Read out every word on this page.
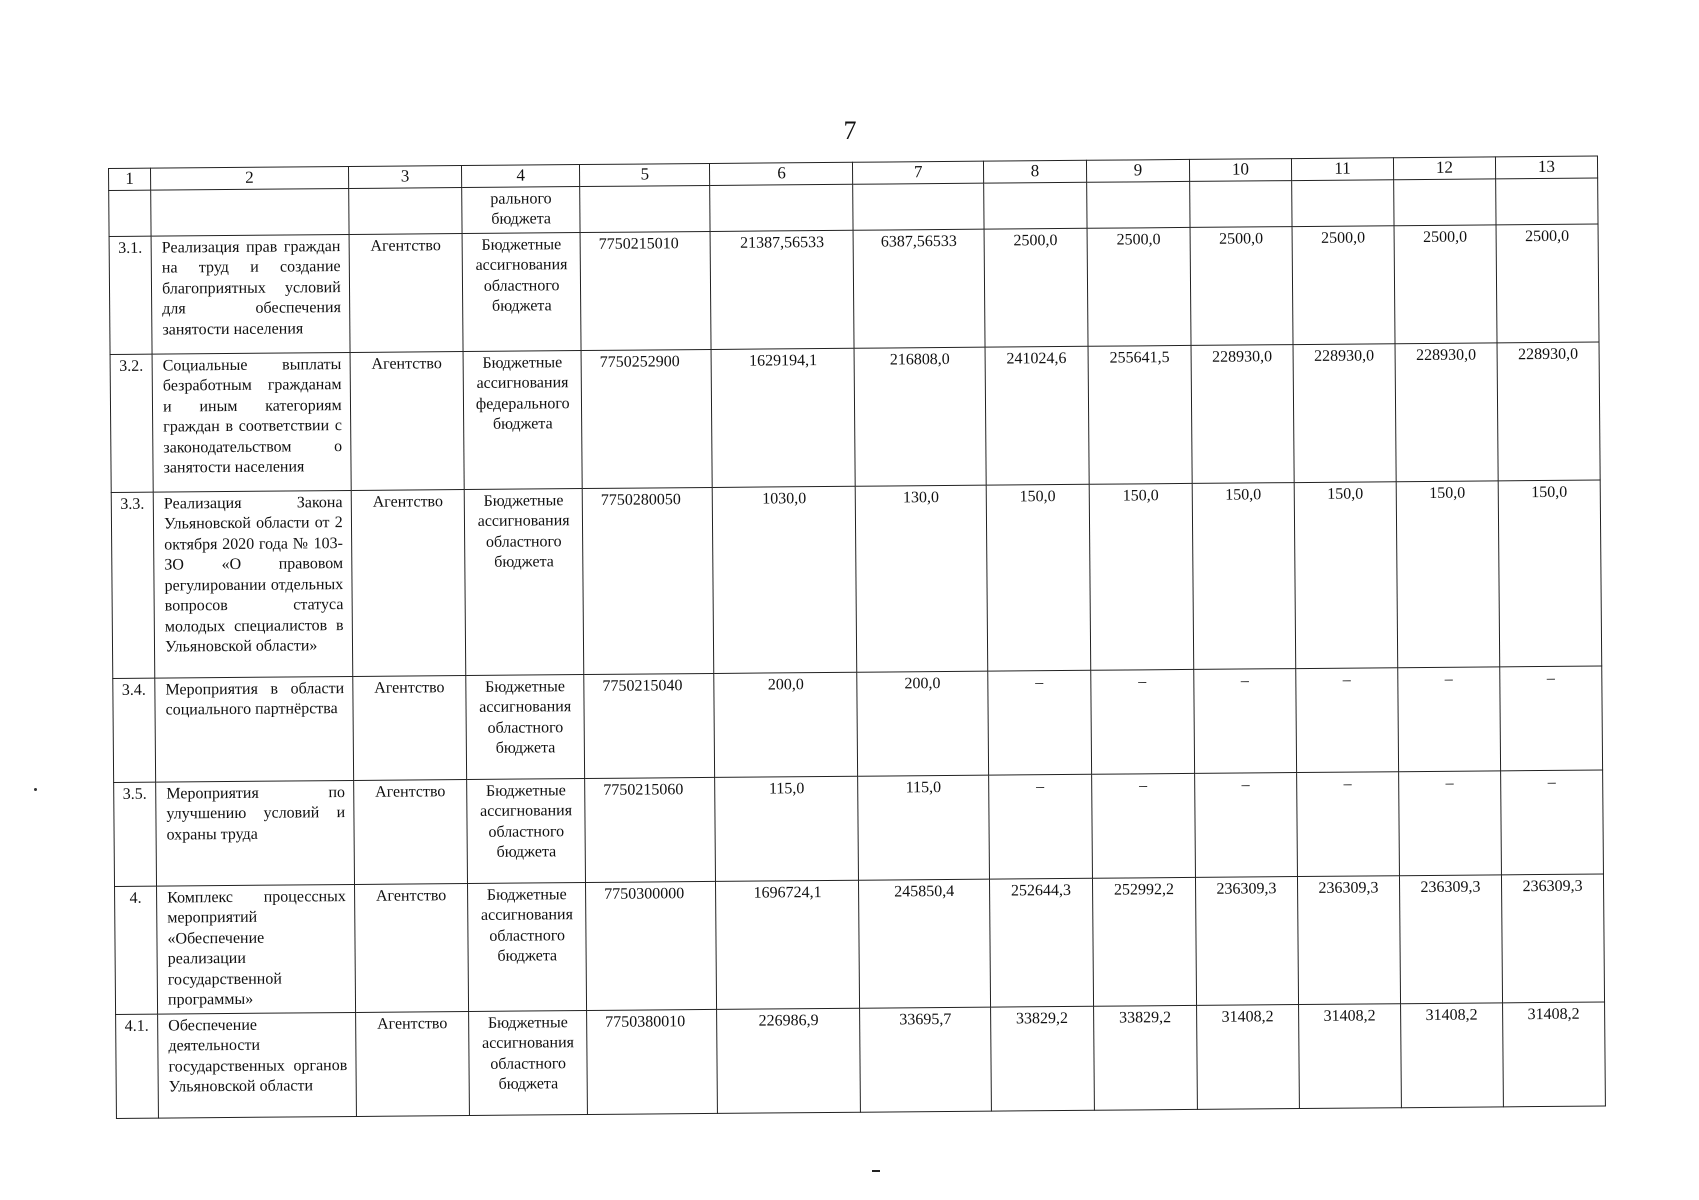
7
1	2	3	4	5	6	7	8	9	10	11	12	13
			рального бюджета									
3.1.	Реализация прав граждан на труд и создание благоприятных условий для обеспечения занятости населения	Агентство	Бюджетные ассигнования областного бюджета	7750215010	21387,56533	6387,56533	2500,0	2500,0	2500,0	2500,0	2500,0	2500,0
3.2.	Социальные выплаты безработным гражданам и иным категориям граждан в соответствии с законодательством о занятости населения	Агентство	Бюджетные ассигнования федерального бюджета	7750252900	1629194,1	216808,0	241024,6	255641,5	228930,0	228930,0	228930,0	228930,0
3.3.	Реализация Закона Ульяновской области от 2 октября 2020 года № 103-ЗО «О правовом регулировании отдельных вопросов статуса молодых специалистов в Ульяновской области»	Агентство	Бюджетные ассигнования областного бюджета	7750280050	1030,0	130,0	150,0	150,0	150,0	150,0	150,0	150,0
3.4.	Мероприятия в области социального партнёрства	Агентство	Бюджетные ассигнования областного бюджета	7750215040	200,0	200,0	–	–	–	–	–	–
3.5.	Мероприятия по улучшению условий и охраны труда	Агентство	Бюджетные ассигнования областного бюджета	7750215060	115,0	115,0	–	–	–	–	–	–
4.	Комплекс процессных мероприятий «Обеспечение реализации государственной программы»	Агентство	Бюджетные ассигнования областного бюджета	7750300000	1696724,1	245850,4	252644,3	252992,2	236309,3	236309,3	236309,3	236309,3
4.1.	Обеспечение деятельности государственных органов Ульяновской области	Агентство	Бюджетные ассигнования областного бюджета	7750380010	226986,9	33695,7	33829,2	33829,2	31408,2	31408,2	31408,2	31408,2
